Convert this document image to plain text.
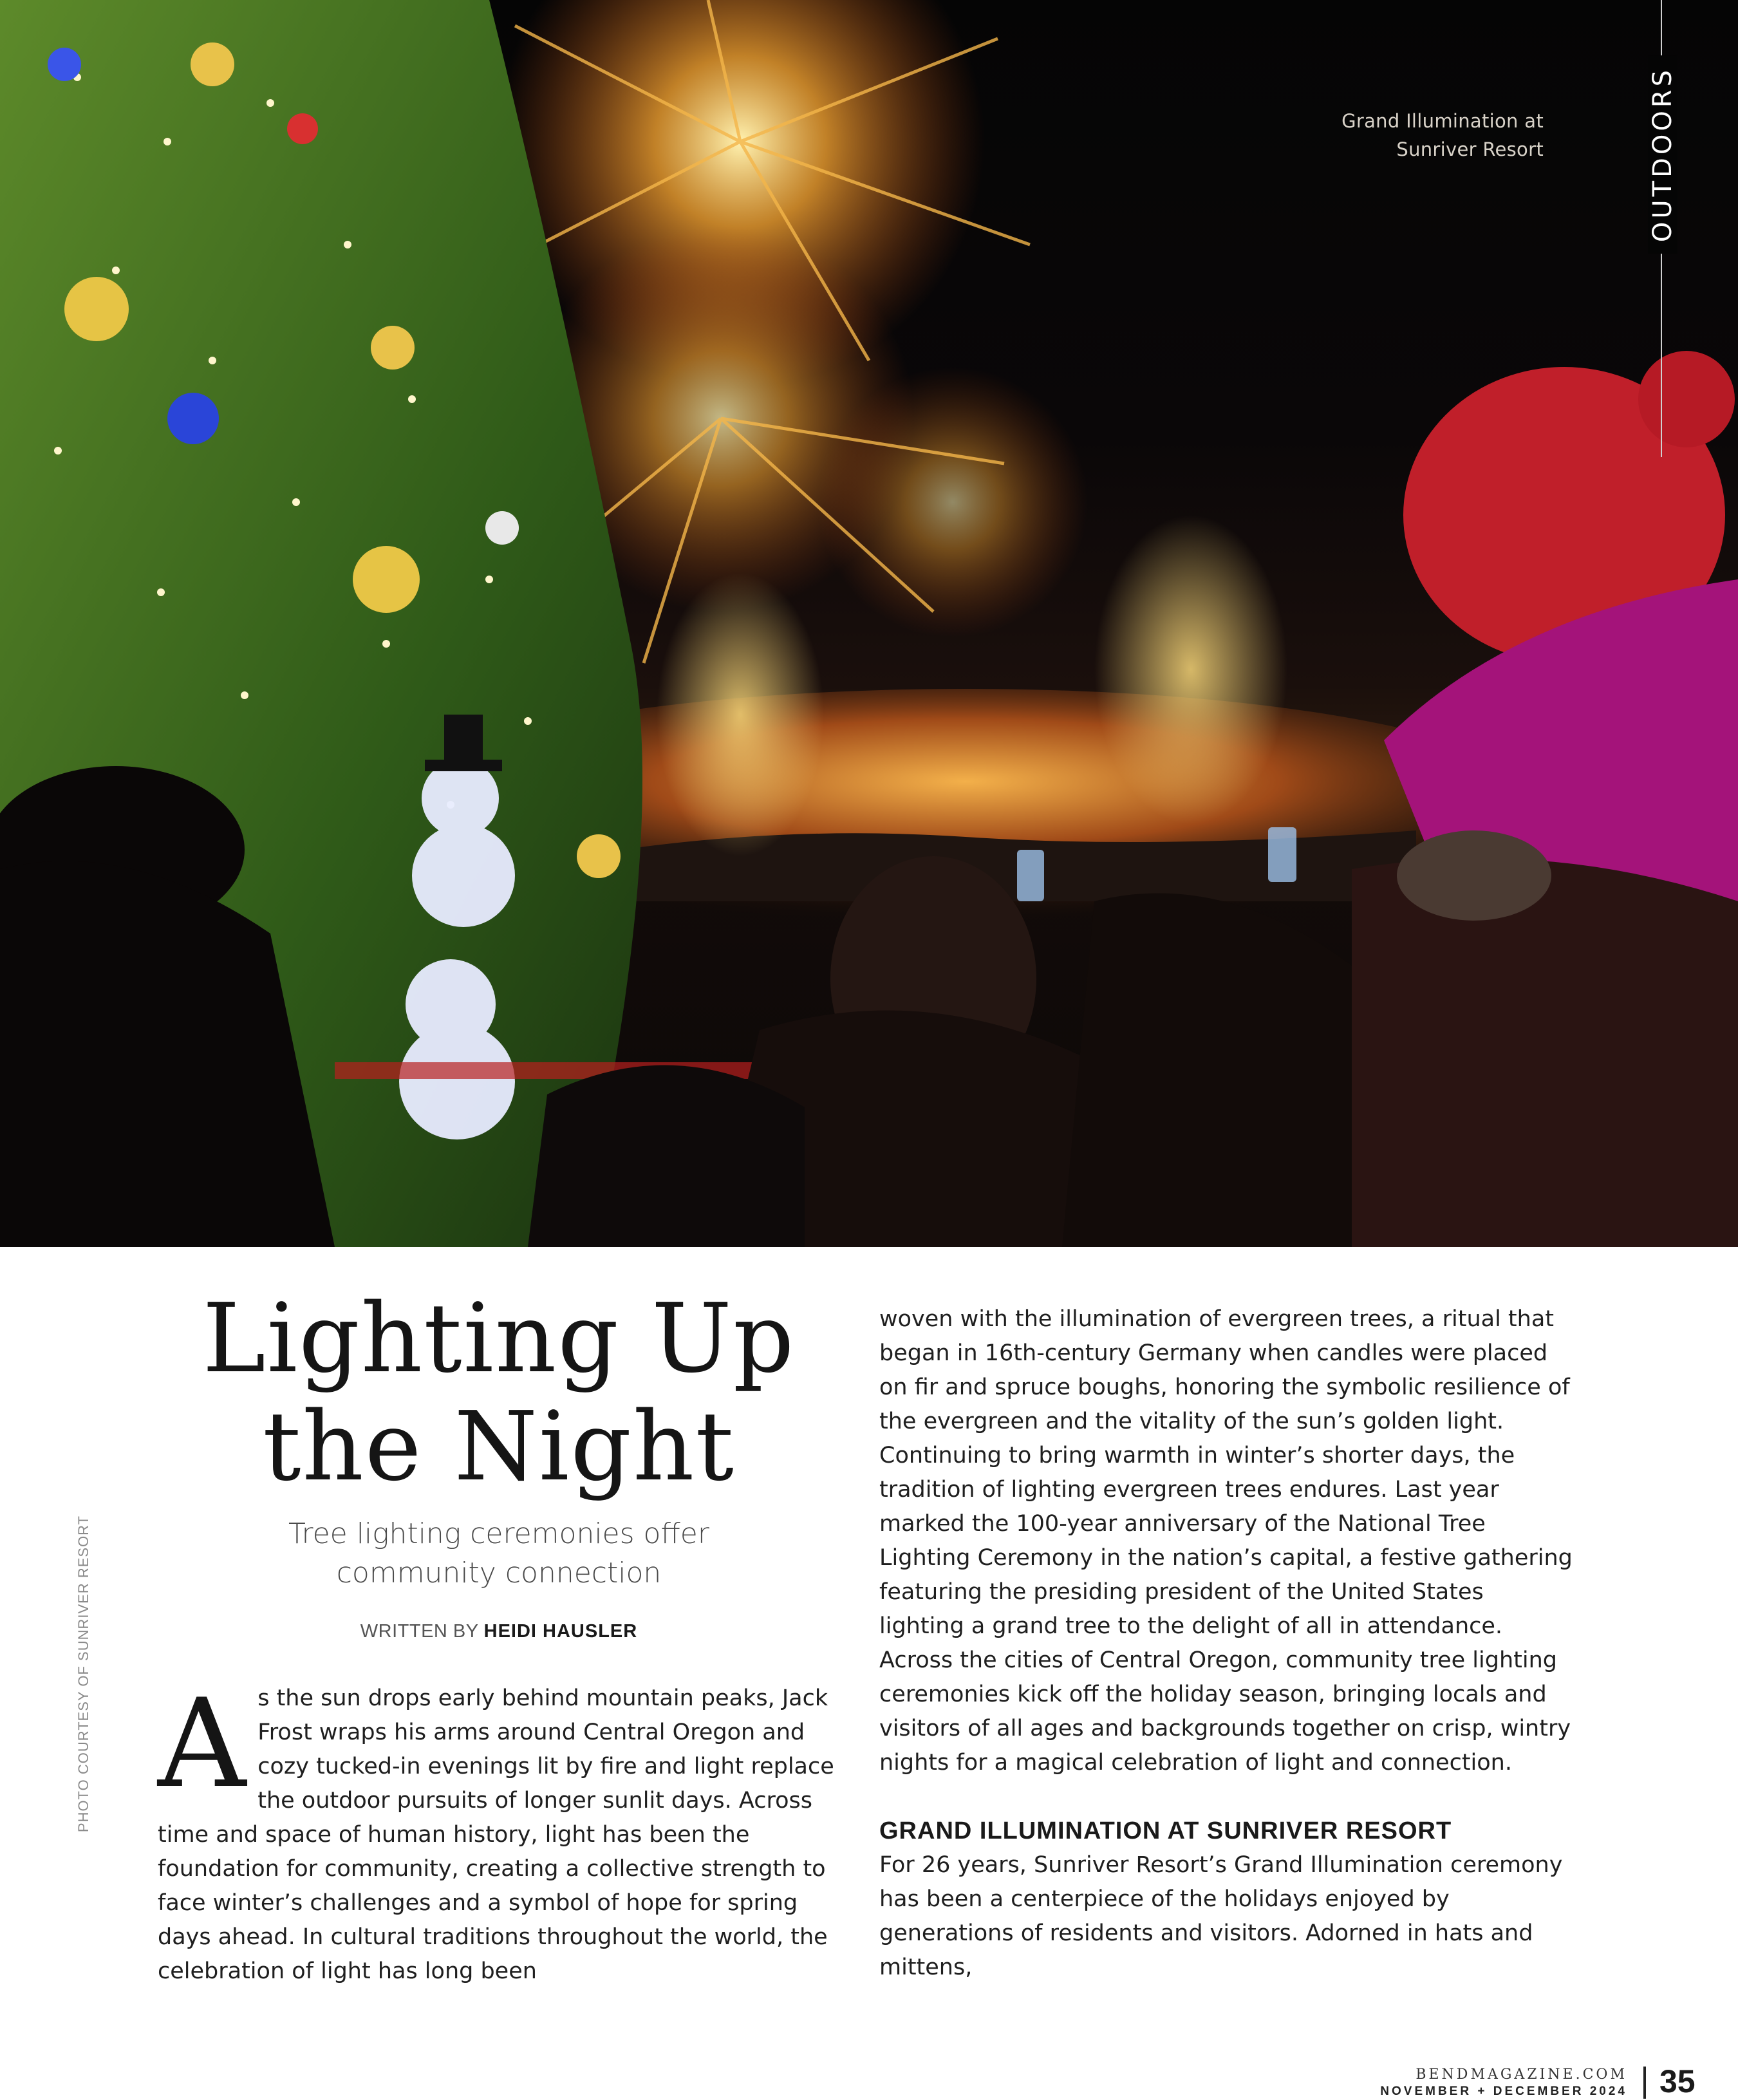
Grand Illumination at
Sunriver Resort	OUTDOORS
PHOTO COURTESY OF SUNRIVER RESORT
Lighting Up
the Night
Tree lighting ceremonies offer
community connection
WRITTEN BY HEIDI HAUSLER
A s the sun drops early behind mountain peaks, Jack Frost wraps his arms around Central Oregon and cozy tucked-in evenings lit by fire and light replace the outdoor pursuits of longer sunlit days. Across time and space of human history, light has been the foundation for community, creating a collective strength to face winter’s challenges and a symbol of hope for spring days ahead. In cultural traditions throughout the world, the celebration of light has long been

woven with the illumination of evergreen trees, a ritual that began in 16th-century Germany when candles were placed on fir and spruce boughs, honoring the symbolic resilience of the evergreen and the vitality of the sun’s golden light. Continuing to bring warmth in winter’s shorter days, the tradition of lighting evergreen trees endures. Last year marked the 100-year anniversary of the National Tree Lighting Ceremony in the nation’s capital, a festive gathering featuring the presiding president of the United States lighting a grand tree to the delight of all in attendance. Across the cities of Central Oregon, community tree lighting ceremonies kick off the holiday season, bringing locals and visitors of all ages and backgrounds together on crisp, wintry nights for a magical celebration of light and connection.

GRAND ILLUMINATION AT SUNRIVER RESORT

For 26 years, Sunriver Resort’s Grand Illumination ceremony has been a centerpiece of the holidays enjoyed by generations of residents and visitors. Adorned in hats and mittens,

BENDMAGAZINE.COM
NOVEMBER + DECEMBER 2024 35
